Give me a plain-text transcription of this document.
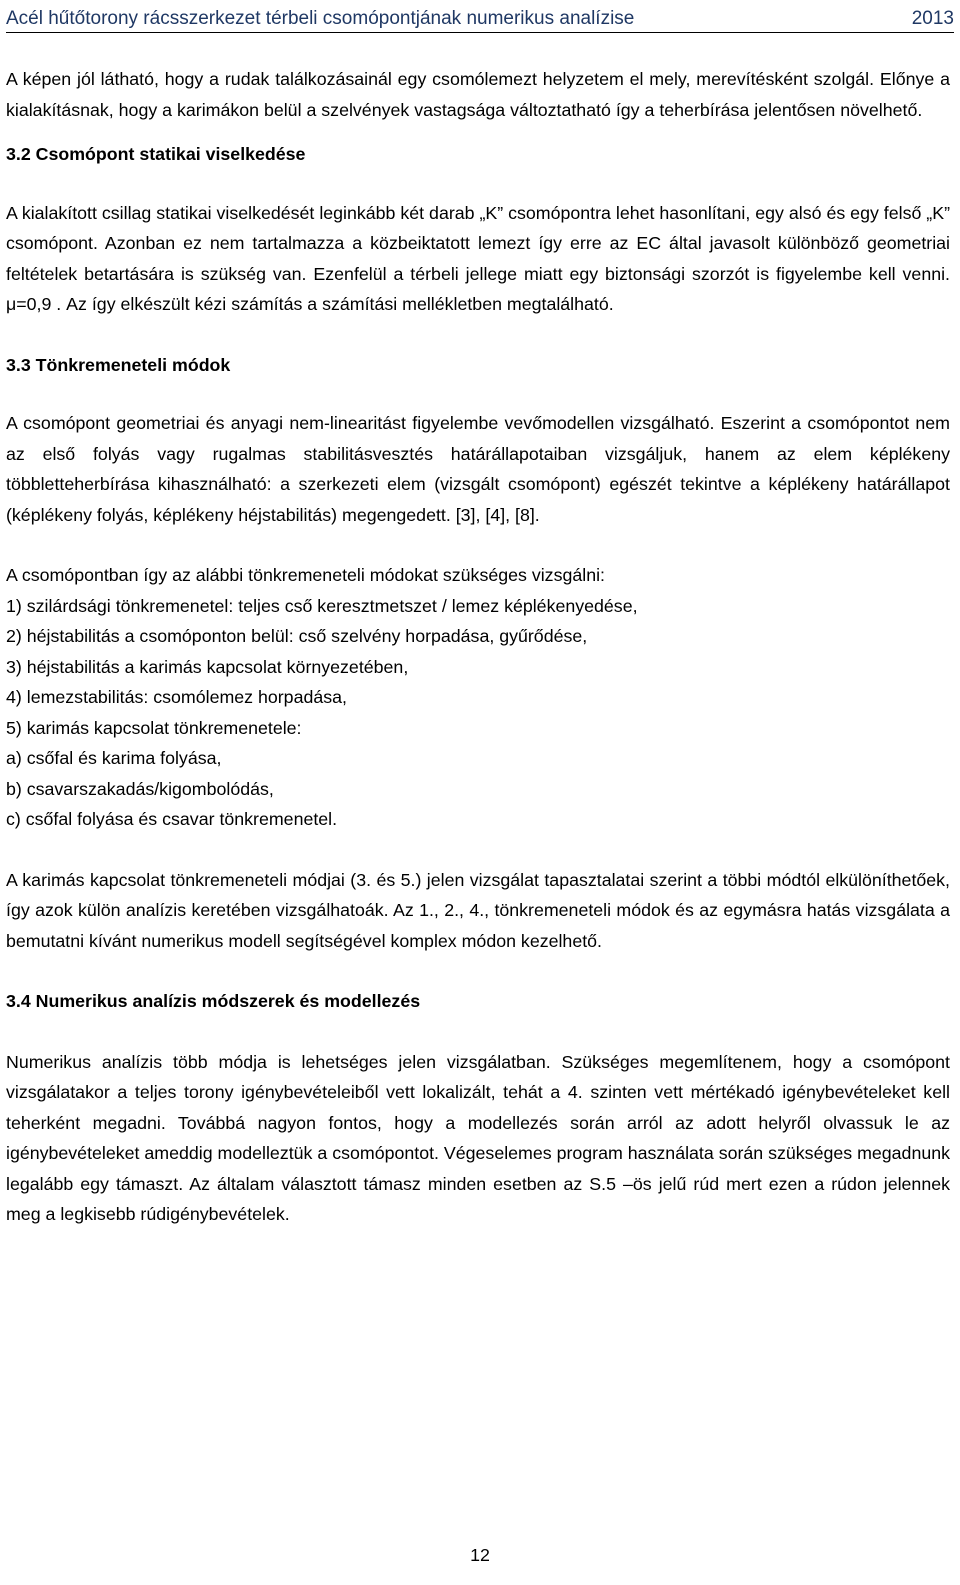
Acél hűtőtorony rácsszerkezet térbeli csomópontjának numerikus analízise	2013

A képen jól látható, hogy a rudak találkozásainál egy csomólemezt helyzetem el mely, merevítésként szolgál. Előnye a kialakításnak, hogy a karimákon belül a szelvények vastagsága változtatható így a teherbírása jelentősen növelhető.

3.2 Csomópont statikai viselkedése

A kialakított csillag statikai viselkedését leginkább két darab „K” csomópontra lehet hasonlítani, egy alsó és egy felső „K” csomópont. Azonban ez nem tartalmazza a közbeiktatott lemezt így erre az EC által javasolt különböző geometriai feltételek betartására is szükség van. Ezenfelül a térbeli jellege miatt egy biztonsági szorzót is figyelembe kell venni. μ=0,9 . Az így elkészült kézi számítás a számítási mellékletben megtalálható.

3.3 Tönkremeneteli módok

A csomópont geometriai és anyagi nem-linearitást figyelembe vevőmodellen vizsgálható. Eszerint a csomópontot nem az első folyás vagy rugalmas stabilitásvesztés határállapotaiban vizsgáljuk, hanem az elem képlékeny többletteherbírása kihasználható: a szerkezeti elem (vizsgált csomópont) egészét tekintve a képlékeny határállapot (képlékeny folyás, képlékeny héjstabilitás) megengedett. [3], [4], [8].

A csomópontban így az alábbi tönkremeneteli módokat szükséges vizsgálni:

1) szilárdsági tönkremenetel: teljes cső keresztmetszet / lemez képlékenyedése,

2) héjstabilitás a csomóponton belül: cső szelvény horpadása, gyűrődése,

3) héjstabilitás a karimás kapcsolat környezetében,

4) lemezstabilitás: csomólemez horpadása,

5) karimás kapcsolat tönkremenetele:

a) csőfal és karima folyása,

b) csavarszakadás/kigombolódás,

c) csőfal folyása és csavar tönkremenetel.

A karimás kapcsolat tönkremeneteli módjai (3. és 5.) jelen vizsgálat tapasztalatai szerint a többi módtól elkülöníthetőek, így azok külön analízis keretében vizsgálhatoák. Az 1., 2., 4., tönkremeneteli módok és az egymásra hatás vizsgálata a bemutatni kívánt numerikus modell segítségével komplex módon kezelhető.

3.4 Numerikus analízis módszerek és modellezés

Numerikus analízis több módja is lehetséges jelen vizsgálatban. Szükséges megemlítenem, hogy a csomópont vizsgálatakor a teljes torony igénybevételeiből vett lokalizált, tehát a 4. szinten vett mértékadó igénybevételeket kell teherként megadni. Továbbá nagyon fontos, hogy a modellezés során arról az adott helyről olvassuk le az igénybevételeket ameddig modelleztük a csomópontot. Végeselemes program használata során szükséges megadnunk legalább egy támaszt. Az általam választott támasz minden esetben az S.5 –ös jelű rúd mert ezen a rúdon jelennek meg a legkisebb rúdigénybevételek.

12
